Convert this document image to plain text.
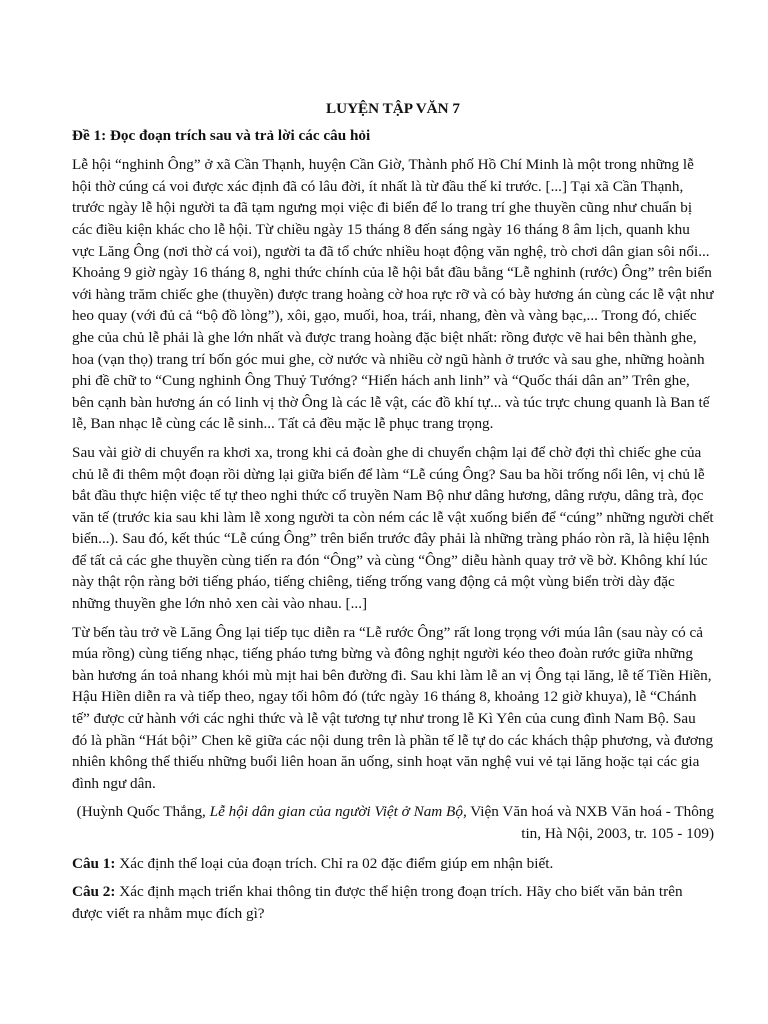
LUYỆN TẬP VĂN 7
Đề 1: Đọc đoạn trích sau và trả lời các câu hỏi

Lễ hội “nghinh Ông” ở xã Cần Thạnh, huyện Cần Giờ, Thành phố Hồ Chí Minh là một trong những lễ hội thờ cúng cá voi được xác định đã có lâu đời, ít nhất là từ đầu thế kỉ trước. [...] Tại xã Cần Thạnh, trước ngày lễ hội người ta đã tạm ngưng mọi việc đi biển để lo trang trí ghe thuyền cũng như chuẩn bị các điều kiện khác cho lễ hội. Từ chiều ngày 15 tháng 8 đến sáng ngày 16 tháng 8 âm lịch, quanh khu vực Lăng Ông (nơi thờ cá voi), người ta đã tổ chức nhiều hoạt động văn nghệ, trò chơi dân gian sôi nổi... Khoảng 9 giờ ngày 16 tháng 8, nghi thức chính của lễ hội bắt đầu bằng “Lễ nghinh (rước) Ông” trên biển với hàng trăm chiếc ghe (thuyền) được trang hoàng cờ hoa rực rỡ và có bày hương án cùng các lễ vật như heo quay (với đủ cả “bộ đồ lòng”), xôi, gạo, muối, hoa, trái, nhang, đèn và vàng bạc,... Trong đó, chiếc ghe của chủ lễ phải là ghe lớn nhất và được trang hoàng đặc biệt nhất: rồng được vẽ hai bên thành ghe, hoa (vạn thọ) trang trí bốn góc mui ghe, cờ nước và nhiều cờ ngũ hành ở trước và sau ghe, những hoành phi đề chữ to “Cung nghinh Ông Thuỷ Tướng? “Hiển hách anh linh” và “Quốc thái dân an” Trên ghe, bên cạnh bàn hương án có linh vị thờ Ông là các lễ vật, các đồ khí tự... và túc trực chung quanh là Ban tế lễ, Ban nhạc lễ cùng các lễ sinh... Tất cả đều mặc lễ phục trang trọng.

Sau vài giờ di chuyển ra khơi xa, trong khi cả đoàn ghe di chuyển chậm lại để chờ đợi thì chiếc ghe của chủ lễ đi thêm một đoạn rồi dừng lại giữa biển để làm “Lễ cúng Ông? Sau ba hồi trống nổi lên, vị chủ lễ bắt đầu thực hiện việc tế tự theo nghi thức cổ truyền Nam Bộ như dâng hương, dâng rượu, dâng trà, đọc văn tế (trước kia sau khi làm lễ xong người ta còn ném các lễ vật xuống biển để “cúng” những người chết biển...). Sau đó, kết thúc “Lễ cúng Ông” trên biển trước đây phải là những tràng pháo ròn rã, là hiệu lệnh để tất cả các ghe thuyền cùng tiến ra đón “Ông” và cùng “Ông” diễu hành quay trở về bờ. Không khí lúc này thật rộn ràng bởi tiếng pháo, tiếng chiêng, tiếng trống vang động cả một vùng biển trời dày đặc những thuyền ghe lớn nhỏ xen cài vào nhau. [...]

Từ bến tàu trở về Lăng Ông lại tiếp tục diễn ra “Lễ rước Ông” rất long trọng với múa lân (sau này có cả múa rồng) cùng tiếng nhạc, tiếng pháo tưng bừng và đông nghịt người kéo theo đoàn rước giữa những bàn hương án toả nhang khói mù mịt hai bên đường đi. Sau khi làm lễ an vị Ông tại lăng, lễ tế Tiền Hiền, Hậu Hiền diễn ra và tiếp theo, ngay tối hôm đó (tức ngày 16 tháng 8, khoảng 12 giờ khuya), lễ “Chánh tế” được cử hành với các nghi thức và lễ vật tương tự như trong lễ Kì Yên của cung đình Nam Bộ. Sau đó là phần “Hát bội” Chen kẽ giữa các nội dung trên là phần tế lễ tự do các khách thập phương, và đương nhiên không thể thiếu những buổi liên hoan ăn uống, sinh hoạt văn nghệ vui vẻ tại lăng hoặc tại các gia đình ngư dân.

(Huỳnh Quốc Thắng, Lễ hội dân gian của người Việt ở Nam Bộ, Viện Văn hoá và NXB Văn hoá - Thông tin, Hà Nội, 2003, tr. 105 - 109)
Câu 1: Xác định thể loại của đoạn trích. Chỉ ra 02 đặc điểm giúp em nhận biết.
Câu 2: Xác định mạch triển khai thông tin được thể hiện trong đoạn trích. Hãy cho biết văn bản trên được viết ra nhằm mục đích gì?
